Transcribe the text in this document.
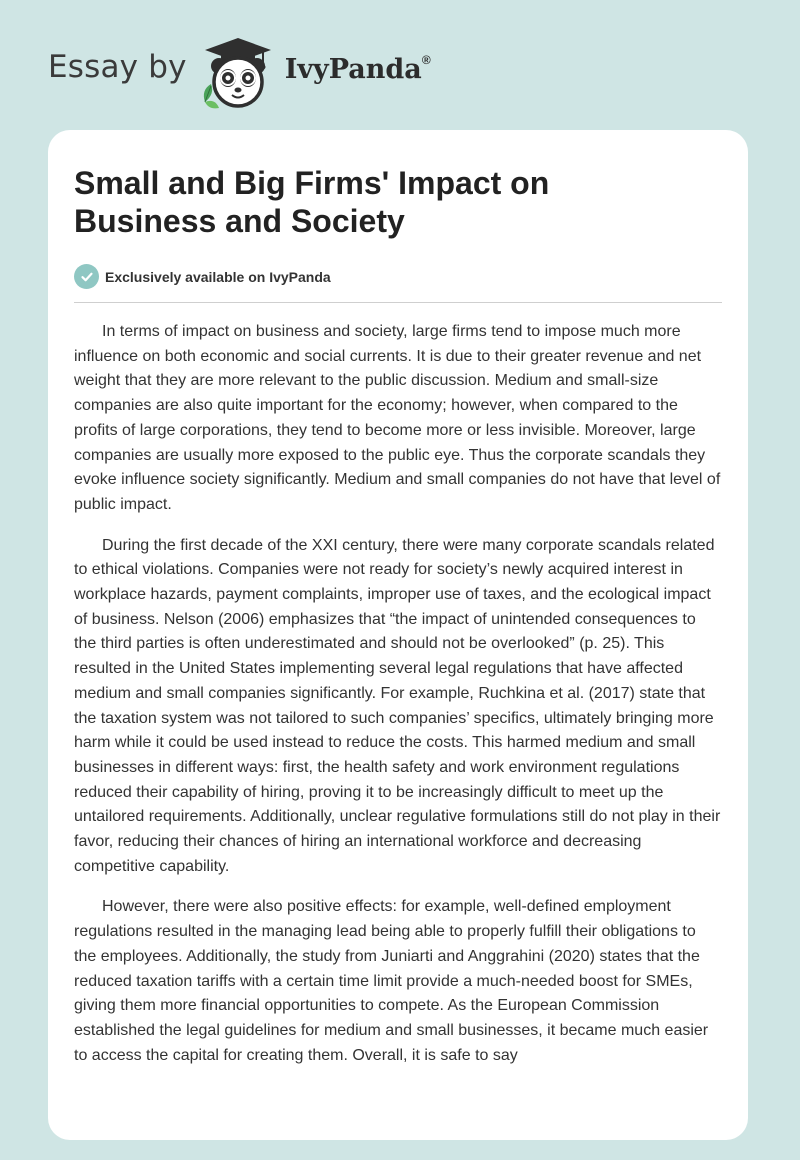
Essay by	IvyPanda®
Small and Big Firms' Impact on Business and Society
Exclusively available on IvyPanda

In terms of impact on business and society, large firms tend to impose much more influence on both economic and social currents. It is due to their greater revenue and net weight that they are more relevant to the public discussion. Medium and small-size companies are also quite important for the economy; however, when compared to the profits of large corporations, they tend to become more or less invisible. Moreover, large companies are usually more exposed to the public eye. Thus the corporate scandals they evoke influence society significantly. Medium and small companies do not have that level of public impact.

During the first decade of the XXI century, there were many corporate scandals related to ethical violations. Companies were not ready for society’s newly acquired interest in workplace hazards, payment complaints, improper use of taxes, and the ecological impact of business. Nelson (2006) emphasizes that “the impact of unintended consequences to the third parties is often underestimated and should not be overlooked” (p. 25). This resulted in the United States implementing several legal regulations that have affected medium and small companies significantly. For example, Ruchkina et al. (2017) state that the taxation system was not tailored to such companies’ specifics, ultimately bringing more harm while it could be used instead to reduce the costs. This harmed medium and small businesses in different ways: first, the health safety and work environment regulations reduced their capability of hiring, proving it to be increasingly difficult to meet up the untailored requirements. Additionally, unclear regulative formulations still do not play in their favor, reducing their chances of hiring an international workforce and decreasing competitive capability.

However, there were also positive effects: for example, well-defined employment regulations resulted in the managing lead being able to properly fulfill their obligations to the employees. Additionally, the study from Juniarti and Anggrahini (2020) states that the reduced taxation tariffs with a certain time limit provide a much-needed boost for SMEs, giving them more financial opportunities to compete. As the European Commission established the legal guidelines for medium and small businesses, it became much easier to access the capital for creating them. Overall, it is safe to say
